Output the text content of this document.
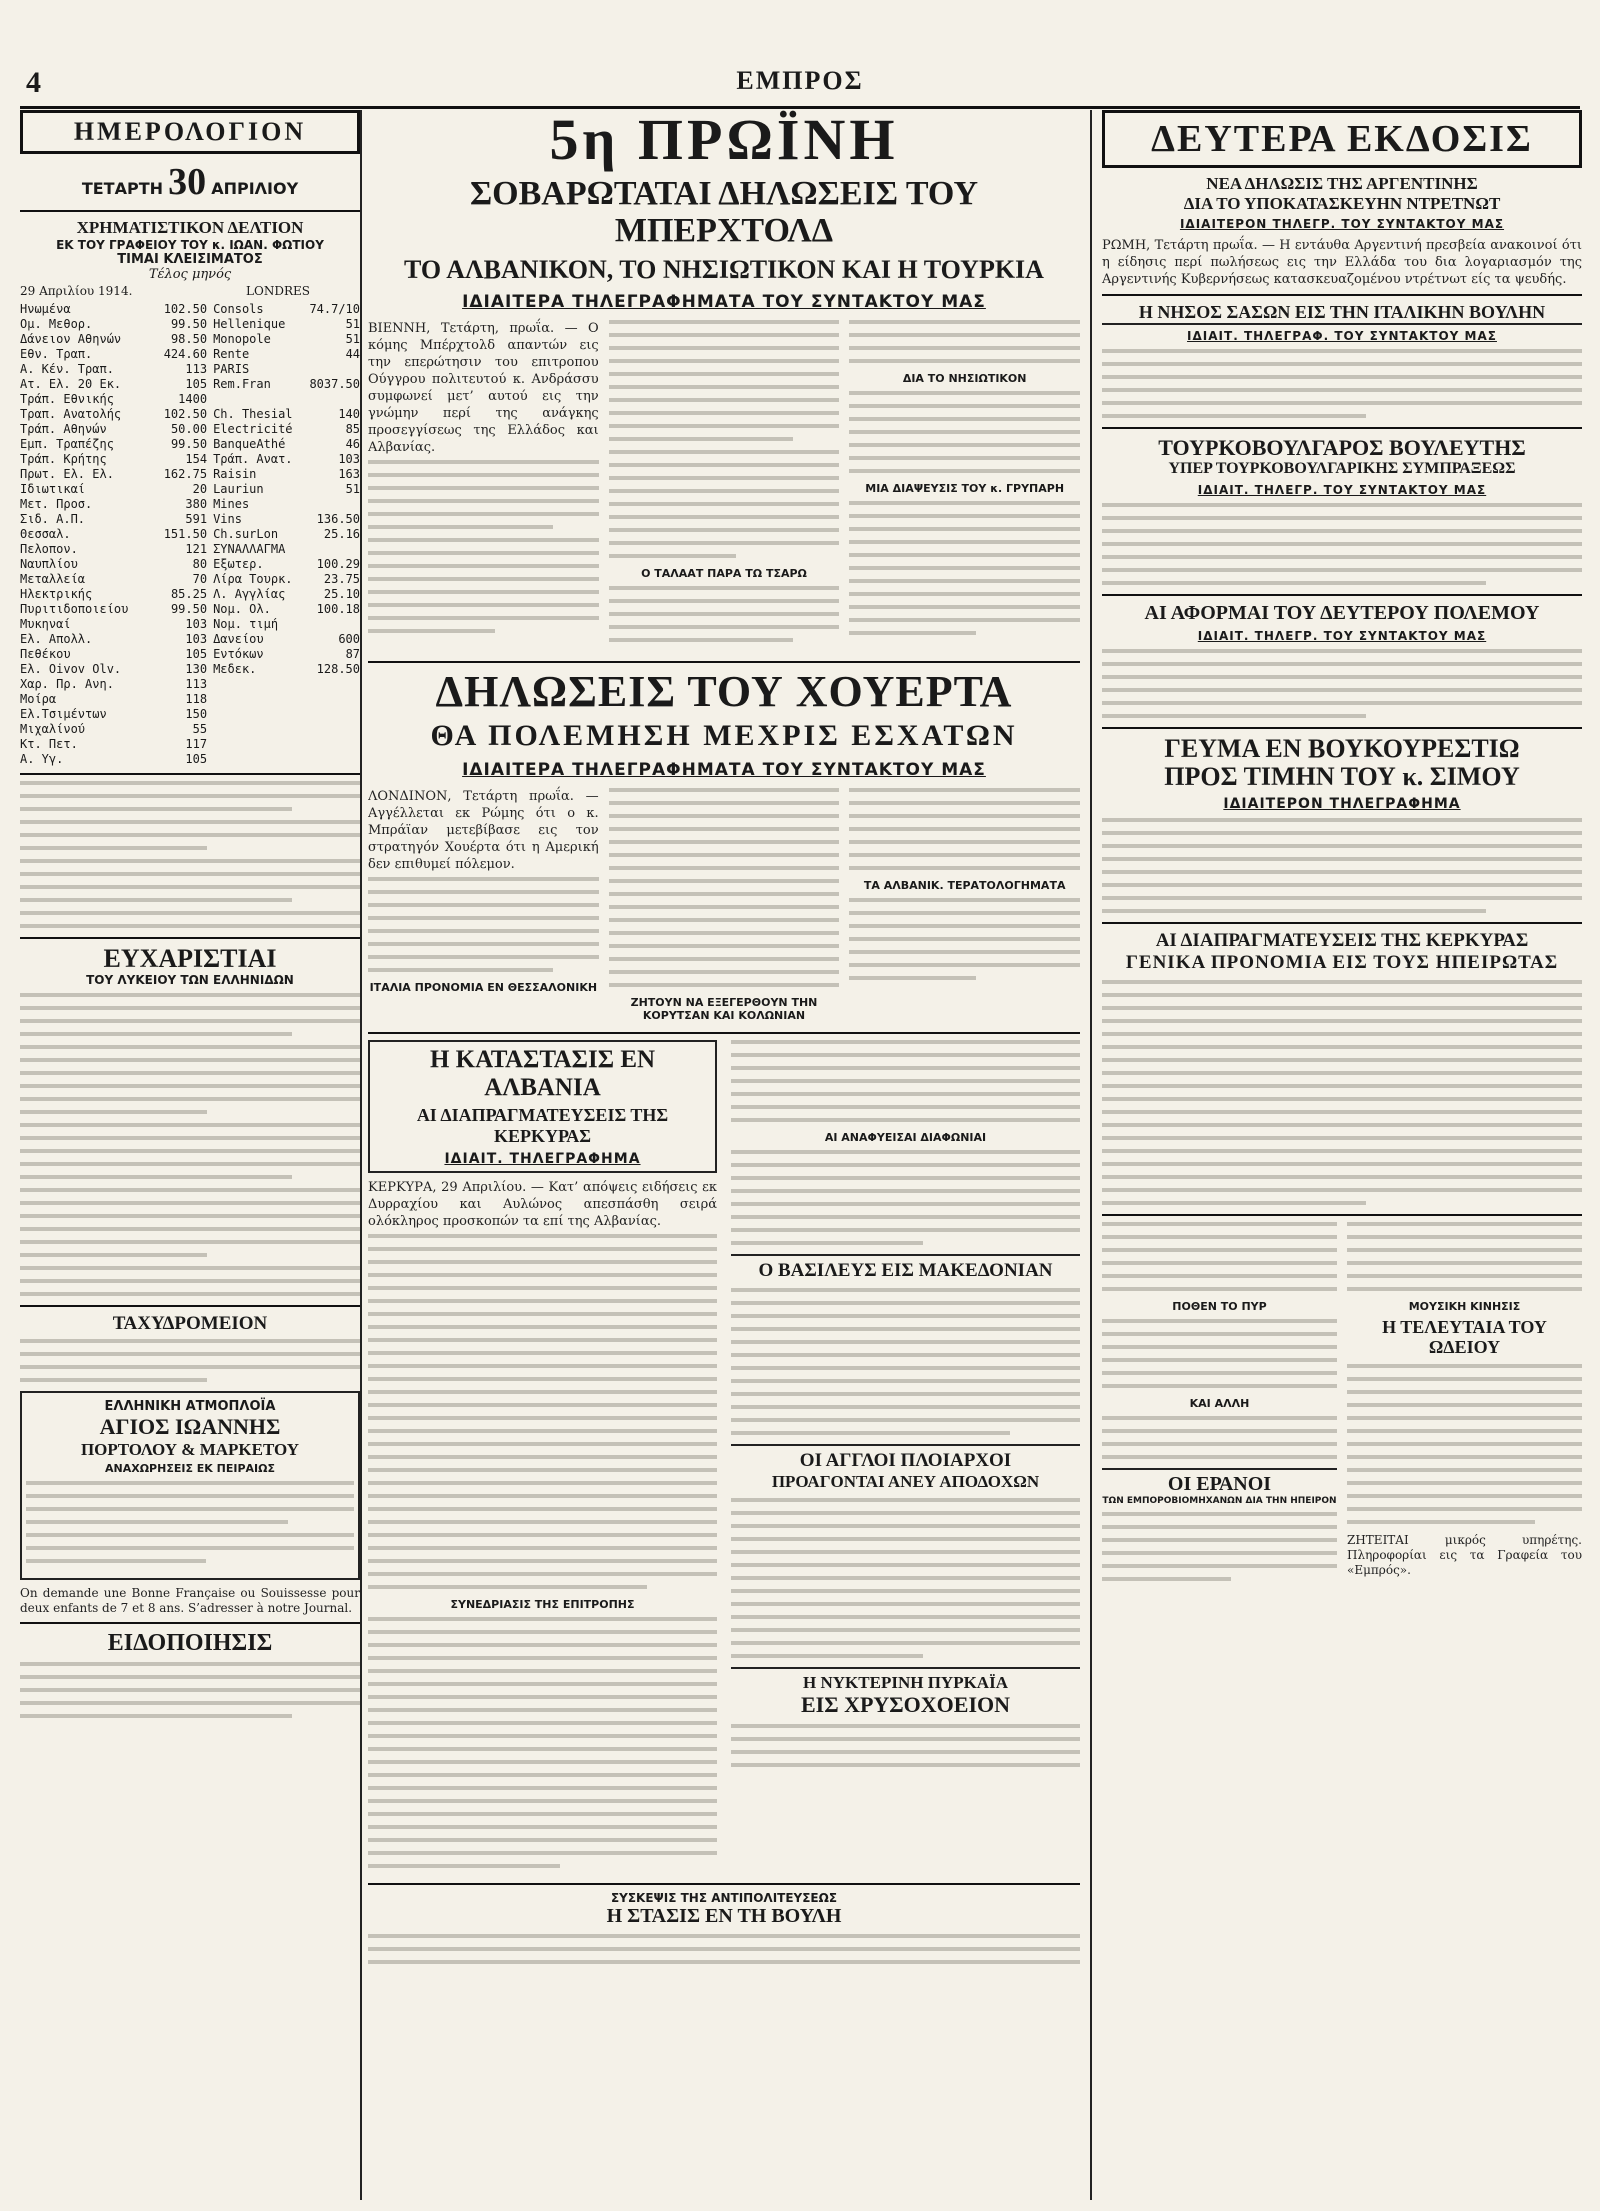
4	ΕΜΠΡΟΣ
ΗΜΕΡΟΛΟΓΙΟΝ
ΤΕΤΑΡΤΗ 30 ΑΠΡΙΛΙΟΥ
ΧΡΗΜΑΤΙΣΤΙΚΟΝ ΔΕΛΤΙΟΝ
ΕΚ ΤΟΥ ΓΡΑΦΕΙΟΥ ΤΟΥ κ. ΙΩΑΝ. ΦΩΤΙΟΥ
ΤΙΜΑΙ ΚΛΕΙΣΙΜΑΤΟΣ
Τέλος μηνός
29 Απριλίου 1914.	LONDRES
Ηνωμένα	102.50 Consols	74.7/10
Ομ. Μεθορ.	99.50 Hellenique	51
Δάνειον Αθηνών	98.50 Monopole	51
Εθν. Τραπ.	424.60 Rente	44
Α. Κέν. Τραπ.	113 PARIS
Ατ. Ελ. 20 Εκ.	105 Rem.Fran	8037.50
Τράπ. Εθνικής	1400
Τραπ. Ανατολής	102.50 Ch. Thesial	140
Τράπ. Αθηνών	50.00 Electricité	85
Εμπ. Τραπέζης	99.50 BanqueAthé	46
Τράπ. Κρήτης	154 Τράπ. Ανατ.	103
Πρωτ. Ελ. Ελ.	162.75 Raisin	163
Ιδιωτικαί	20 Lauriun	51
Μετ. Προσ.	380 Mines
Σιδ. Α.Π.	591 Vins	136.50
Θεσσαλ.	151.50 Ch.surLon	25.16
Πελοπον.	121 ΣΥΝΑΛΛΑΓΜΑ
Ναυπλίου	80 Εξωτερ.	100.29
Μεταλλεία	70 Λίρα Τουρκ.	23.75
Ηλεκτρικής	85.25 Λ. Αγγλίας	25.10
Πυριτιδοποιείου	99.50 Νομ. Ολ.	100.18
Μυκηναί	103 Νομ. τιμή
Ελ. Απολλ.	103 Δανείου	600
Πεθέκου	105 Εντόκων	87
Ελ. Oivov Olv.	130 Μεδεκ.	128.50
Χαρ. Πρ. Ανη.	113
Μοίρα	118
Ελ.Τσιμέντων	150
Μιχαλίνού	55
Κτ. Πετ.	117
Α. Υγ.	105
ΕΥΧΑΡΙΣΤΙΑΙ
ΤΟΥ ΛΥΚΕΙΟΥ ΤΩΝ ΕΛΛΗΝΙΔΩΝ
ΤΑΧΥΔΡΟΜΕΙΟΝ
ΕΛΛΗΝΙΚΗ ΑΤΜΟΠΛΟΪΑ
ΑΓΙΟΣ ΙΩΑΝΝΗΣ
ΠΟΡΤΟΛΟΥ & ΜΑΡΚΕΤΟΥ
ΑΝΑΧΩΡΗΣΕΙΣ ΕΚ ΠΕΙΡΑΙΩΣ
On demande une Bonne Française ou Souissesse pour deux enfants de 7 et 8 ans. S’adresser à notre Journal.
ΕΙΔΟΠΟΙΗΣΙΣ
5η ΠΡΩΪΝΗ
ΣΟΒΑΡΩΤΑΤΑΙ ΔΗΛΩΣΕΙΣ ΤΟΥ ΜΠΕΡΧΤΟΛΔ
ΤΟ ΑΛΒΑΝΙΚΟΝ, ΤΟ ΝΗΣΙΩΤΙΚΟΝ ΚΑΙ Η ΤΟΥΡΚΙΑ
ΙΔΙΑΙΤΕΡΑ ΤΗΛΕΓΡΑΦΗΜΑΤΑ ΤΟΥ ΣΥΝΤΑΚΤΟΥ ΜΑΣ
ΒΙΕΝΝΗ, Τετάρτη, πρωΐα. — Ο κόμης Μπέρχτολδ απαντών εις την επερώτησιν του επιτροπου Ούγγρου πολιτευτού κ. Ανδράσσυ συμφωνεί μετ’ αυτού εις την γνώμην περί της ανάγκης προσεγγίσεως της Ελλάδος και Αλβανίας.
Ο ΤΑΛΑΑΤ ΠΑΡΑ ΤΩ ΤΣΑΡΩ
ΔΙΑ ΤΟ ΝΗΣΙΩΤΙΚΟΝ
ΜΙΑ ΔΙΑΨΕΥΣΙΣ ΤΟΥ κ. ΓΡΥΠΑΡΗ
ΔΗΛΩΣΕΙΣ ΤΟΥ ΧΟΥΕΡΤΑ
ΘΑ ΠΟΛΕΜΗΣΗ ΜΕΧΡΙΣ ΕΣΧΑΤΩΝ
ΙΔΙΑΙΤΕΡΑ ΤΗΛΕΓΡΑΦΗΜΑΤΑ ΤΟΥ ΣΥΝΤΑΚΤΟΥ ΜΑΣ
ΛΟΝΔΙΝΟΝ, Τετάρτη πρωΐα. — Αγγέλλεται εκ Ρώμης ότι ο κ. Μπράϊαν μετεβίβασε εις τον στρατηγόν Χουέρτα ότι η Αμερική δεν επιθυμεί πόλεμον.
ΙΤΑΛΙΑ ΠΡΟΝΟΜΙΑ ΕΝ ΘΕΣΣΑΛΟΝΙΚΗ
ΖΗΤΟΥΝ ΝΑ ΕΞΕΓΕΡΘΟΥΝ ΤΗΝ ΚΟΡΥΤΣΑΝ ΚΑΙ ΚΟΛΩΝΙΑΝ
ΤΑ ΑΛΒΑΝΙΚ. ΤΕΡΑΤΟΛΟΓΗΜΑΤΑ
Η ΚΑΤΑΣΤΑΣΙΣ ΕΝ ΑΛΒΑΝΙΑ
ΑΙ ΔΙΑΠΡΑΓΜΑΤΕΥΣΕΙΣ ΤΗΣ ΚΕΡΚΥΡΑΣ
ΙΔΙΑΙΤ. ΤΗΛΕΓΡΑΦΗΜΑ
ΚΕΡΚΥΡΑ, 29 Απριλίου. — Κατ’ απόψεις ειδήσεις εκ Δυρραχίου και Αυλώνος απεσπάσθη σειρά ολόκληρος προσκοπών τα επί της Αλβανίας.
ΣΥΝΕΔΡΙΑΣΙΣ ΤΗΣ ΕΠΙΤΡΟΠΗΣ
ΑΙ ΑΝΑΦΥΕΙΣΑΙ ΔΙΑΦΩΝΙΑΙ
Ο ΒΑΣΙΛΕΥΣ ΕΙΣ ΜΑΚΕΔΟΝΙΑΝ
ΟΙ ΑΓΓΛΟΙ ΠΛΟΙΑΡΧΟΙ
ΠΡΟΑΓΟΝΤΑΙ ΑΝΕΥ ΑΠΟΔΟΧΩΝ
Η ΝΥΚΤΕΡΙΝΗ ΠΥΡΚΑΪΑ
ΕΙΣ ΧΡΥΣΟΧΟΕΙΟΝ
ΣΥΣΚΕΨΙΣ ΤΗΣ ΑΝΤΙΠΟΛΙΤΕΥΣΕΩΣ
Η ΣΤΑΣΙΣ ΕΝ ΤΗ ΒΟΥΛΗ
ΔΕΥΤΕΡΑ ΕΚΔΟΣΙΣ
ΝΕΑ ΔΗΛΩΣΙΣ ΤΗΣ ΑΡΓΕΝΤΙΝΗΣ
ΔΙΑ ΤΟ ΥΠΟΚΑΤΑΣΚΕΥΗΝ ΝΤΡΕΤΝΩΤ
ΙΔΙΑΙΤΕΡΟΝ ΤΗΛΕΓΡ. ΤΟΥ ΣΥΝΤΑΚΤΟΥ ΜΑΣ
ΡΩΜΗ, Τετάρτη πρωΐα. — Η εντάυθα Αργεντινή πρεσβεία ανακοινοί ότι η είδησις περί πωλήσεως εις την Ελλάδα του δια λογαριασμόν της Αργεντινής Κυβερνήσεως κατασκευαζομένου ντρέτνωτ είς τα ψευδής.
Η ΝΗΣΟΣ ΣΑΣΩΝ ΕΙΣ ΤΗΝ ΙΤΑΛΙΚΗΝ ΒΟΥΛΗΝ
ΙΔΙΑΙΤ. ΤΗΛΕΓΡΑΦ. ΤΟΥ ΣΥΝΤΑΚΤΟΥ ΜΑΣ
ΤΟΥΡΚΟΒΟΥΛΓΑΡΟΣ ΒΟΥΛΕΥΤΗΣ
ΥΠΕΡ ΤΟΥΡΚΟΒΟΥΛΓΑΡΙΚΗΣ ΣΥΜΠΡΑΞΕΩΣ
ΙΔΙΑΙΤ. ΤΗΛΕΓΡ. ΤΟΥ ΣΥΝΤΑΚΤΟΥ ΜΑΣ
ΑΙ ΑΦΟΡΜΑΙ ΤΟΥ ΔΕΥΤΕΡΟΥ ΠΟΛΕΜΟΥ
ΙΔΙΑΙΤ. ΤΗΛΕΓΡ. ΤΟΥ ΣΥΝΤΑΚΤΟΥ ΜΑΣ
ΓΕΥΜΑ ΕΝ ΒΟΥΚΟΥΡΕΣΤΙΩ
ΠΡΟΣ ΤΙΜΗΝ ΤΟΥ κ. ΣΙΜΟΥ
ΙΔΙΑΙΤΕΡΟΝ ΤΗΛΕΓΡΑΦΗΜΑ
ΑΙ ΔΙΑΠΡΑΓΜΑΤΕΥΣΕΙΣ ΤΗΣ ΚΕΡΚΥΡΑΣ
ΓΕΝΙΚΑ ΠΡΟΝΟΜΙΑ ΕΙΣ ΤΟΥΣ ΗΠΕΙΡΩΤΑΣ
ΠΟΘΕΝ ΤΟ ΠΥΡ
ΚΑΙ ΑΛΛΗ
ΟΙ ΕΡΑΝΟΙ
ΤΩΝ ΕΜΠΟΡΟΒΙΟΜΗΧΑΝΩΝ ΔΙΑ ΤΗΝ ΗΠΕΙΡΟΝ
ΜΟΥΣΙΚΗ ΚΙΝΗΣΙΣ
Η ΤΕΛΕΥΤΑΙΑ ΤΟΥ ΩΔΕΙΟΥ
ΖΗΤΕΙΤΑΙ μικρός υπηρέτης. Πληροφορίαι εις τα Γραφεία του «Εμπρός».
